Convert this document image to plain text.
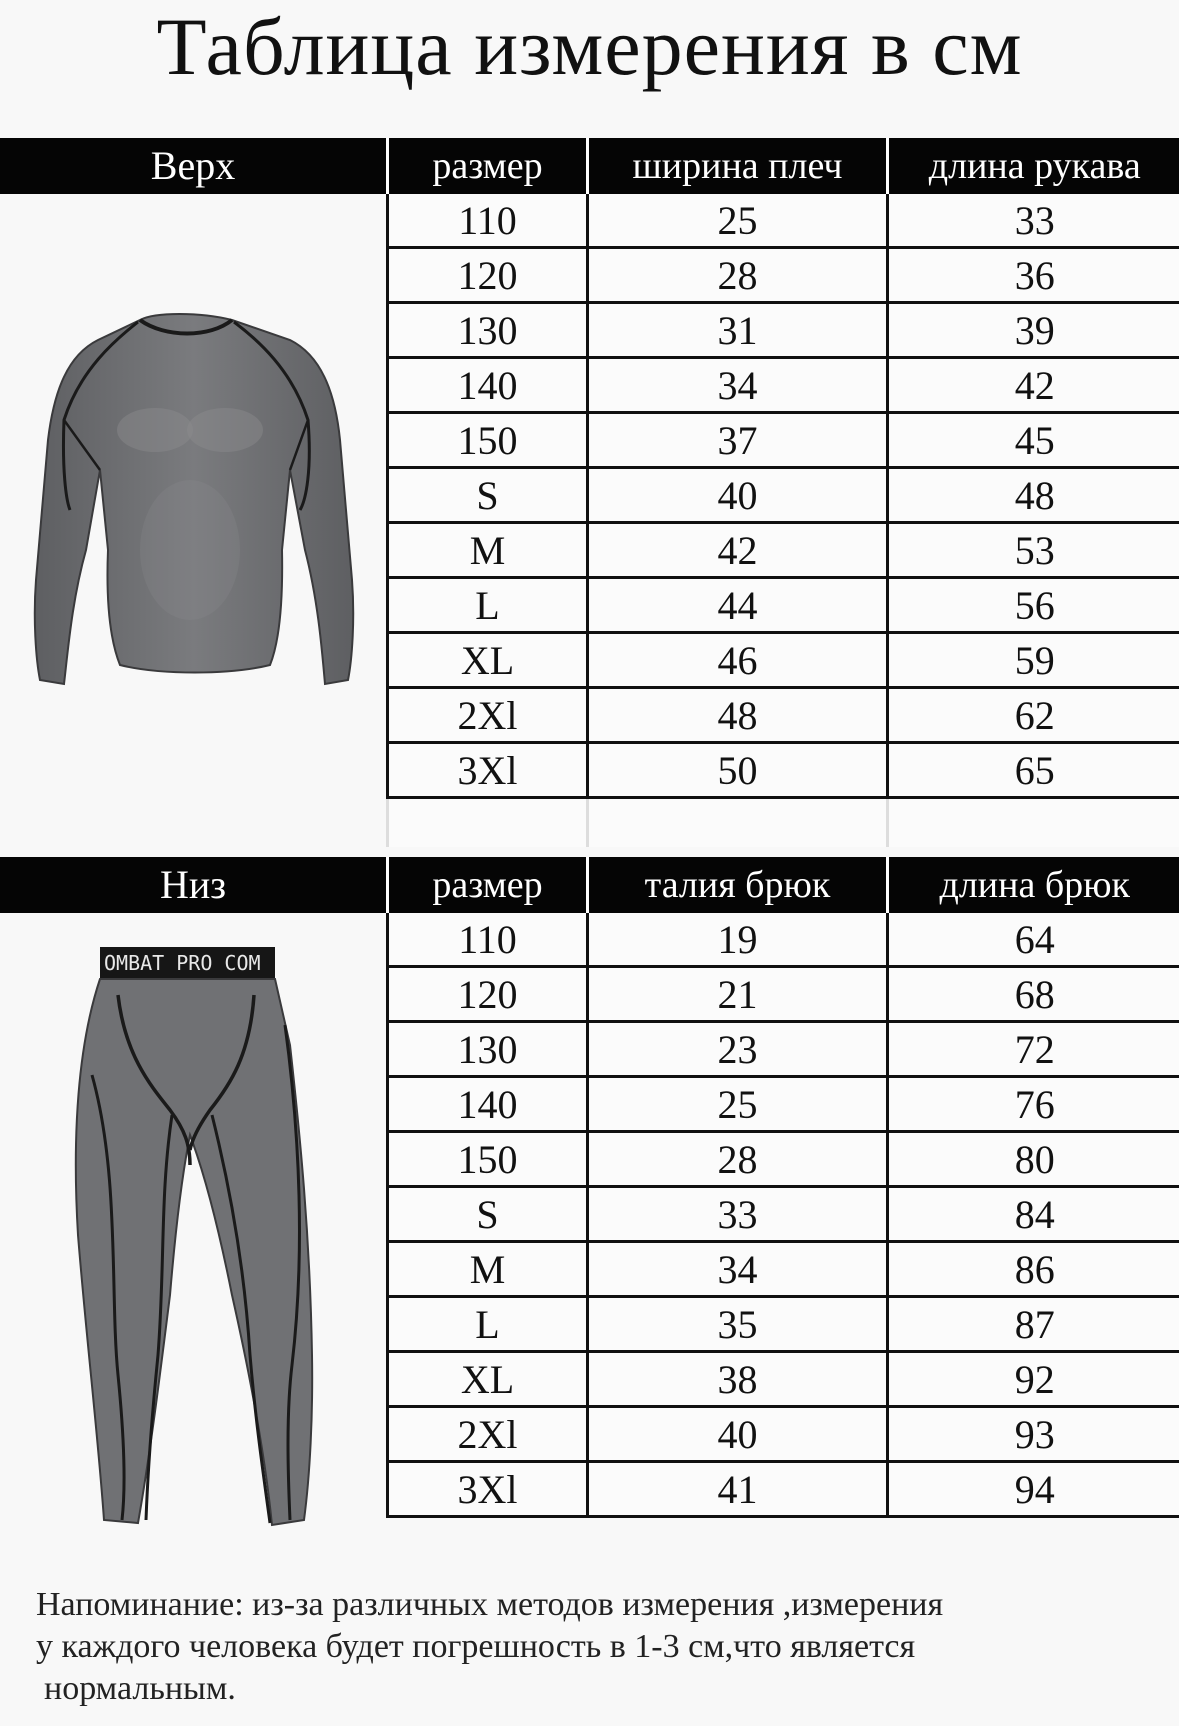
Таблица измерения в см
Верх	размер	ширина плеч	длина рукава
110	25	33
120	28	36
130	31	39
140	34	42
150	37	45
S	40	48
M	42	53
L	44	56
XL	46	59
2Xl	48	62
3Xl	50	65

Низ	размер	талия брюк	длина брюк
110	19	64
120	21	68
130	23	72
140	25	76
150	28	80
S	33	84
M	34	86
L	35	87
XL	38	92
2Xl	40	93
3Xl	41	94
OMBAT PRO COM
Напоминание: из-за различных методов измерения ,измерения
у каждого человека будет погрешность в 1-3 см,что является
нормальным.
